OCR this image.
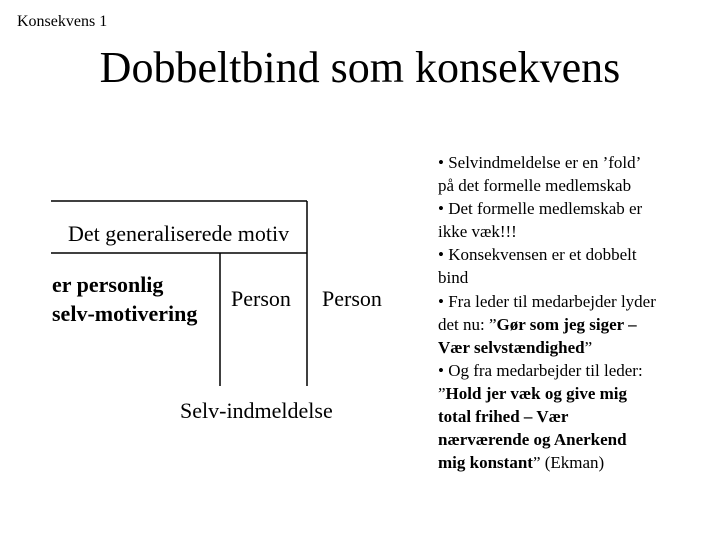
Konsekvens 1
Dobbeltbind som konsekvens
Det generaliserede motiv
er personlig
selv-motivering
Person Person
Selv-indmeldelse
• Selvindmeldelse er en ’fold’
på det formelle medlemskab
• Det formelle medlemskab er
ikke væk!!!
• Konsekvensen er et dobbelt
bind
• Fra leder til medarbejder lyder
det nu: ”Gør som jeg siger –
Vær selvstændighed”
• Og fra medarbejder til leder:
”Hold jer væk og give mig
total frihed – Vær
nærværende og Anerkend
mig konstant” (Ekman)
